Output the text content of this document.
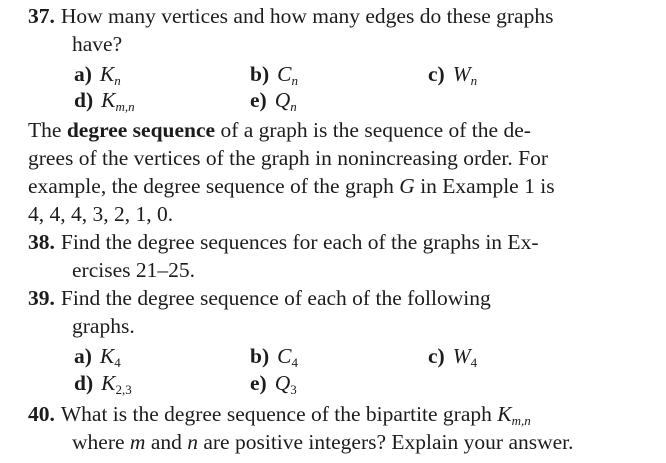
37. How many vertices and how many edges do these graphs
have?
a) $K_n$	b) $C_n$	c) $W_n$
d) $K_{m,n}$	e) $Q_n$
The degree sequence of a graph is the sequence of the de-
grees of the vertices of the graph in nonincreasing order. For
example, the degree sequence of the graph G in Example 1 is
4, 4, 4, 3, 2, 1, 0.
38. Find the degree sequences for each of the graphs in Ex-
ercises 21–25.
39. Find the degree sequence of each of the following
graphs.
a) $K_4$	b) $C_4$	c) $W_4$
d) $K_{2,3}$	e) $Q_3$
40. What is the degree sequence of the bipartite graph $K_{m,n}$
where m and n are positive integers? Explain your answer.
